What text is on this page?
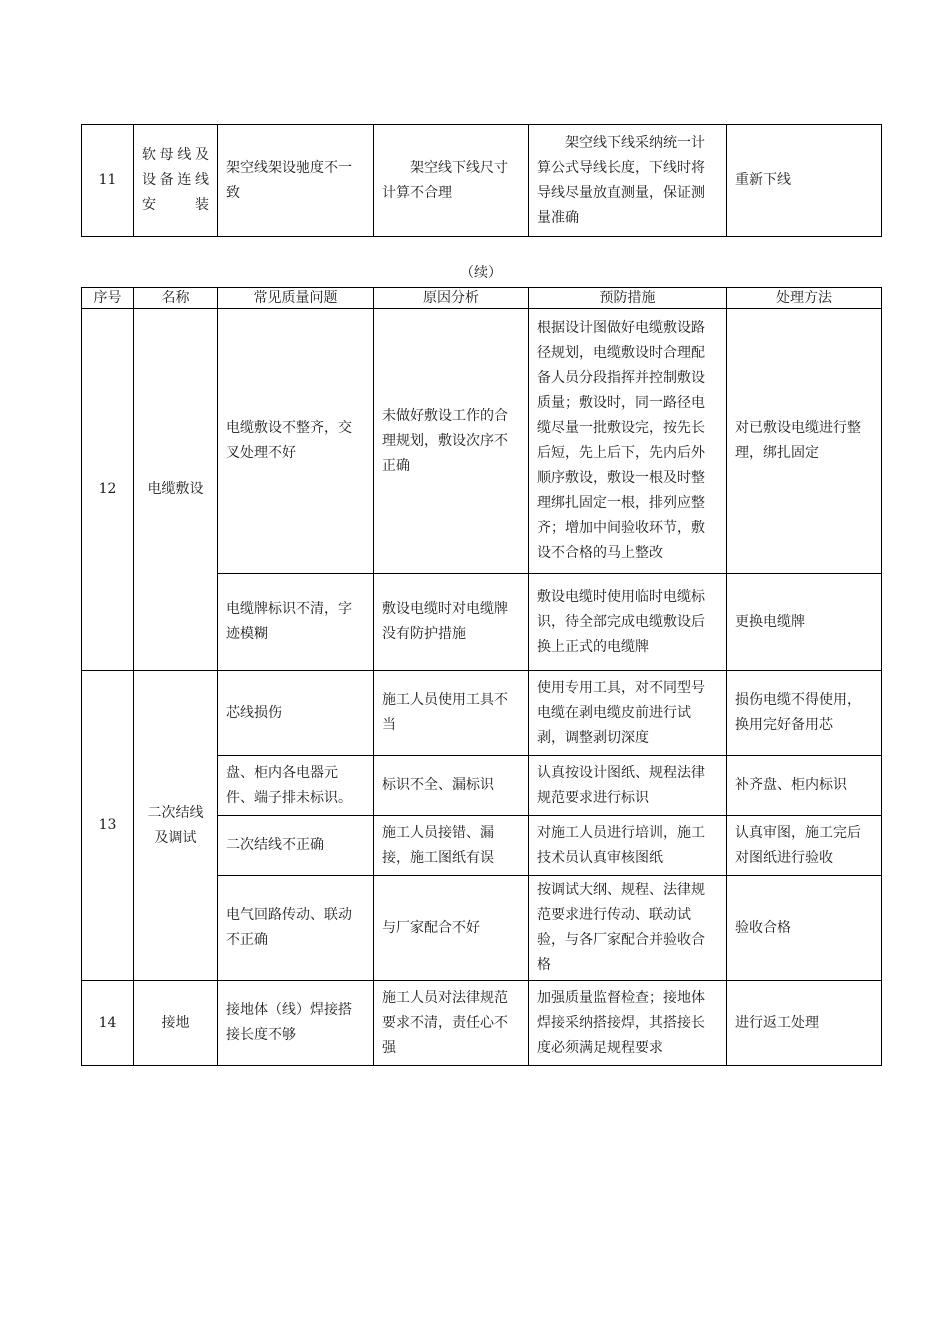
11	软母线及设备连线安装	架空线架设驰度不一致	架空线下线尺寸计算不合理	架空线下线采纳统一计算公式导线长度，下线时将导线尽量放直测量，保证测量准确	重新下线
（续）
序号	名称	常见质量问题	原因分析	预防措施	处理方法
12	电缆敷设	电缆敷设不整齐，交叉处理不好	未做好敷设工作的合理规划，敷设次序不正确	根据设计图做好电缆敷设路径规划，电缆敷设时合理配备人员分段指挥并控制敷设质量；敷设时，同一路径电缆尽量一批敷设完，按先长后短，先上后下，先内后外顺序敷设，敷设一根及时整理绑扎固定一根，排列应整齐；增加中间验收环节，敷设不合格的马上整改	对已敷设电缆进行整理，绑扎固定
		电缆牌标识不清，字迹模糊	敷设电缆时对电缆牌没有防护措施	敷设电缆时使用临时电缆标识，待全部完成电缆敷设后换上正式的电缆牌	更换电缆牌
13	二次结线及调试	芯线损伤	施工人员使用工具不当	使用专用工具，对不同型号电缆在剥电缆皮前进行试剥，调整剥切深度	损伤电缆不得使用，换用完好备用芯
		盘、柜内各电器元件、端子排未标识。	标识不全、漏标识	认真按设计图纸、规程法律规范要求进行标识	补齐盘、柜内标识
		二次结线不正确	施工人员接错、漏接，施工图纸有误	对施工人员进行培训，施工技术员认真审核图纸	认真审图，施工完后对图纸进行验收
		电气回路传动、联动不正确	与厂家配合不好	按调试大纲、规程、法律规范要求进行传动、联动试验，与各厂家配合并验收合格	验收合格
14	接地	接地体（线）焊接搭接长度不够	施工人员对法律规范要求不清，责任心不强	加强质量监督检查；接地体焊接采纳搭接焊，其搭接长度必须满足规程要求	进行返工处理
